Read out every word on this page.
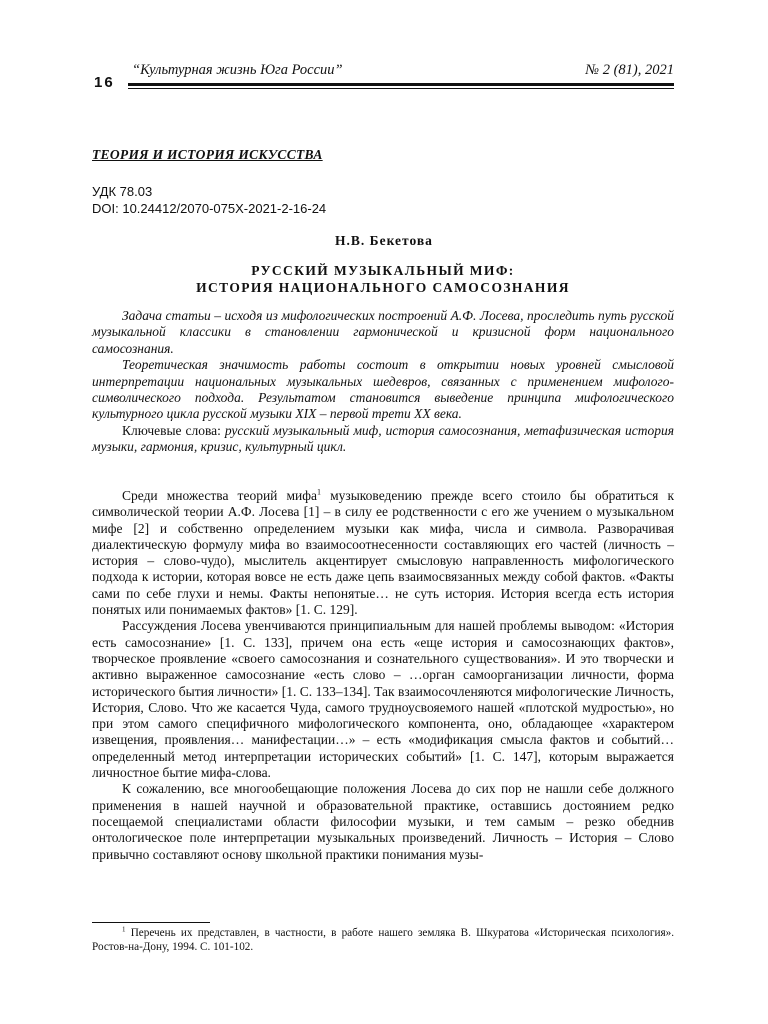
16
“Культурная жизнь Юга России”	№ 2 (81), 2021
ТЕОРИЯ И ИСТОРИЯ ИСКУССТВА
УДК 78.03
DOI: 10.24412/2070-075X-2021-2-16-24
Н.В. Бекетова
РУССКИЙ МУЗЫКАЛЬНЫЙ МИФ:
ИСТОРИЯ НАЦИОНАЛЬНОГО САМОСОЗНАНИЯ

Задача статьи – исходя из мифологических построений А.Ф. Лосева, проследить путь русской музыкальной классики в становлении гармонической и кризисной форм национального самосознания.

Теоретическая значимость работы состоит в открытии новых уровней смысловой интерпретации национальных музыкальных шедевров, связанных с применением мифолого-символического подхода. Результатом становится выведение принципа мифологического культурного цикла русской музыки XIX – первой трети XX века.

Ключевые слова: русский музыкальный миф, история самосознания, метафизическая история музыки, гармония, кризис, культурный цикл.

Среди множества теорий мифа$^1$ музыковедению прежде всего стоило бы обратиться к символической теории А.Ф. Лосева [1] – в силу ее родственности с его же учением о музыкальном мифе [2] и собственно определением музыки как мифа, числа и символа. Разворачивая диалектическую формулу мифа во взаимосоотнесенности составляющих его частей (личность – история – слово-чудо), мыслитель акцентирует смысловую направленность мифологического подхода к истории, которая вовсе не есть даже цепь взаимосвязанных между собой фактов. «Факты сами по себе глухи и немы. Факты непонятые… не суть история. История всегда есть история понятых или понимаемых фактов» [1. С. 129].

Рассуждения Лосева увенчиваются принципиальным для нашей проблемы выводом: «История есть самосознание» [1. С. 133], причем она есть «еще история и самосознающих фактов», творческое проявление «своего самосознания и сознательного существования». И это творчески и активно выраженное самосознание «есть слово – …орган самоорганизации личности, форма исторического бытия личности» [1. С. 133–134]. Так взаимосочленяются мифологические Личность, История, Слово. Что же касается Чуда, самого трудноусвояемого нашей «плотской мудростью», но при этом самого специфичного мифологического компонента, оно, обладающее «характером извещения, проявления… манифестации…» – есть «модификация смысла фактов и событий… определенный метод интерпретации исторических событий» [1. С. 147], которым выражается личностное бытие мифа-слова.

К сожалению, все многообещающие положения Лосева до сих пор не нашли себе должного применения в нашей научной и образовательной практике, оставшись достоянием редко посещаемой специалистами области философии музыки, и тем самым – резко обеднив онтологическое поле интерпретации музыкальных произведений. Личность – История – Слово привычно составляют основу школьной практики понимания музы-

$^1$ Перечень их представлен, в частности, в работе нашего земляка В. Шкуратова «Историческая психология». Ростов-на-Дону, 1994. С. 101-102.
